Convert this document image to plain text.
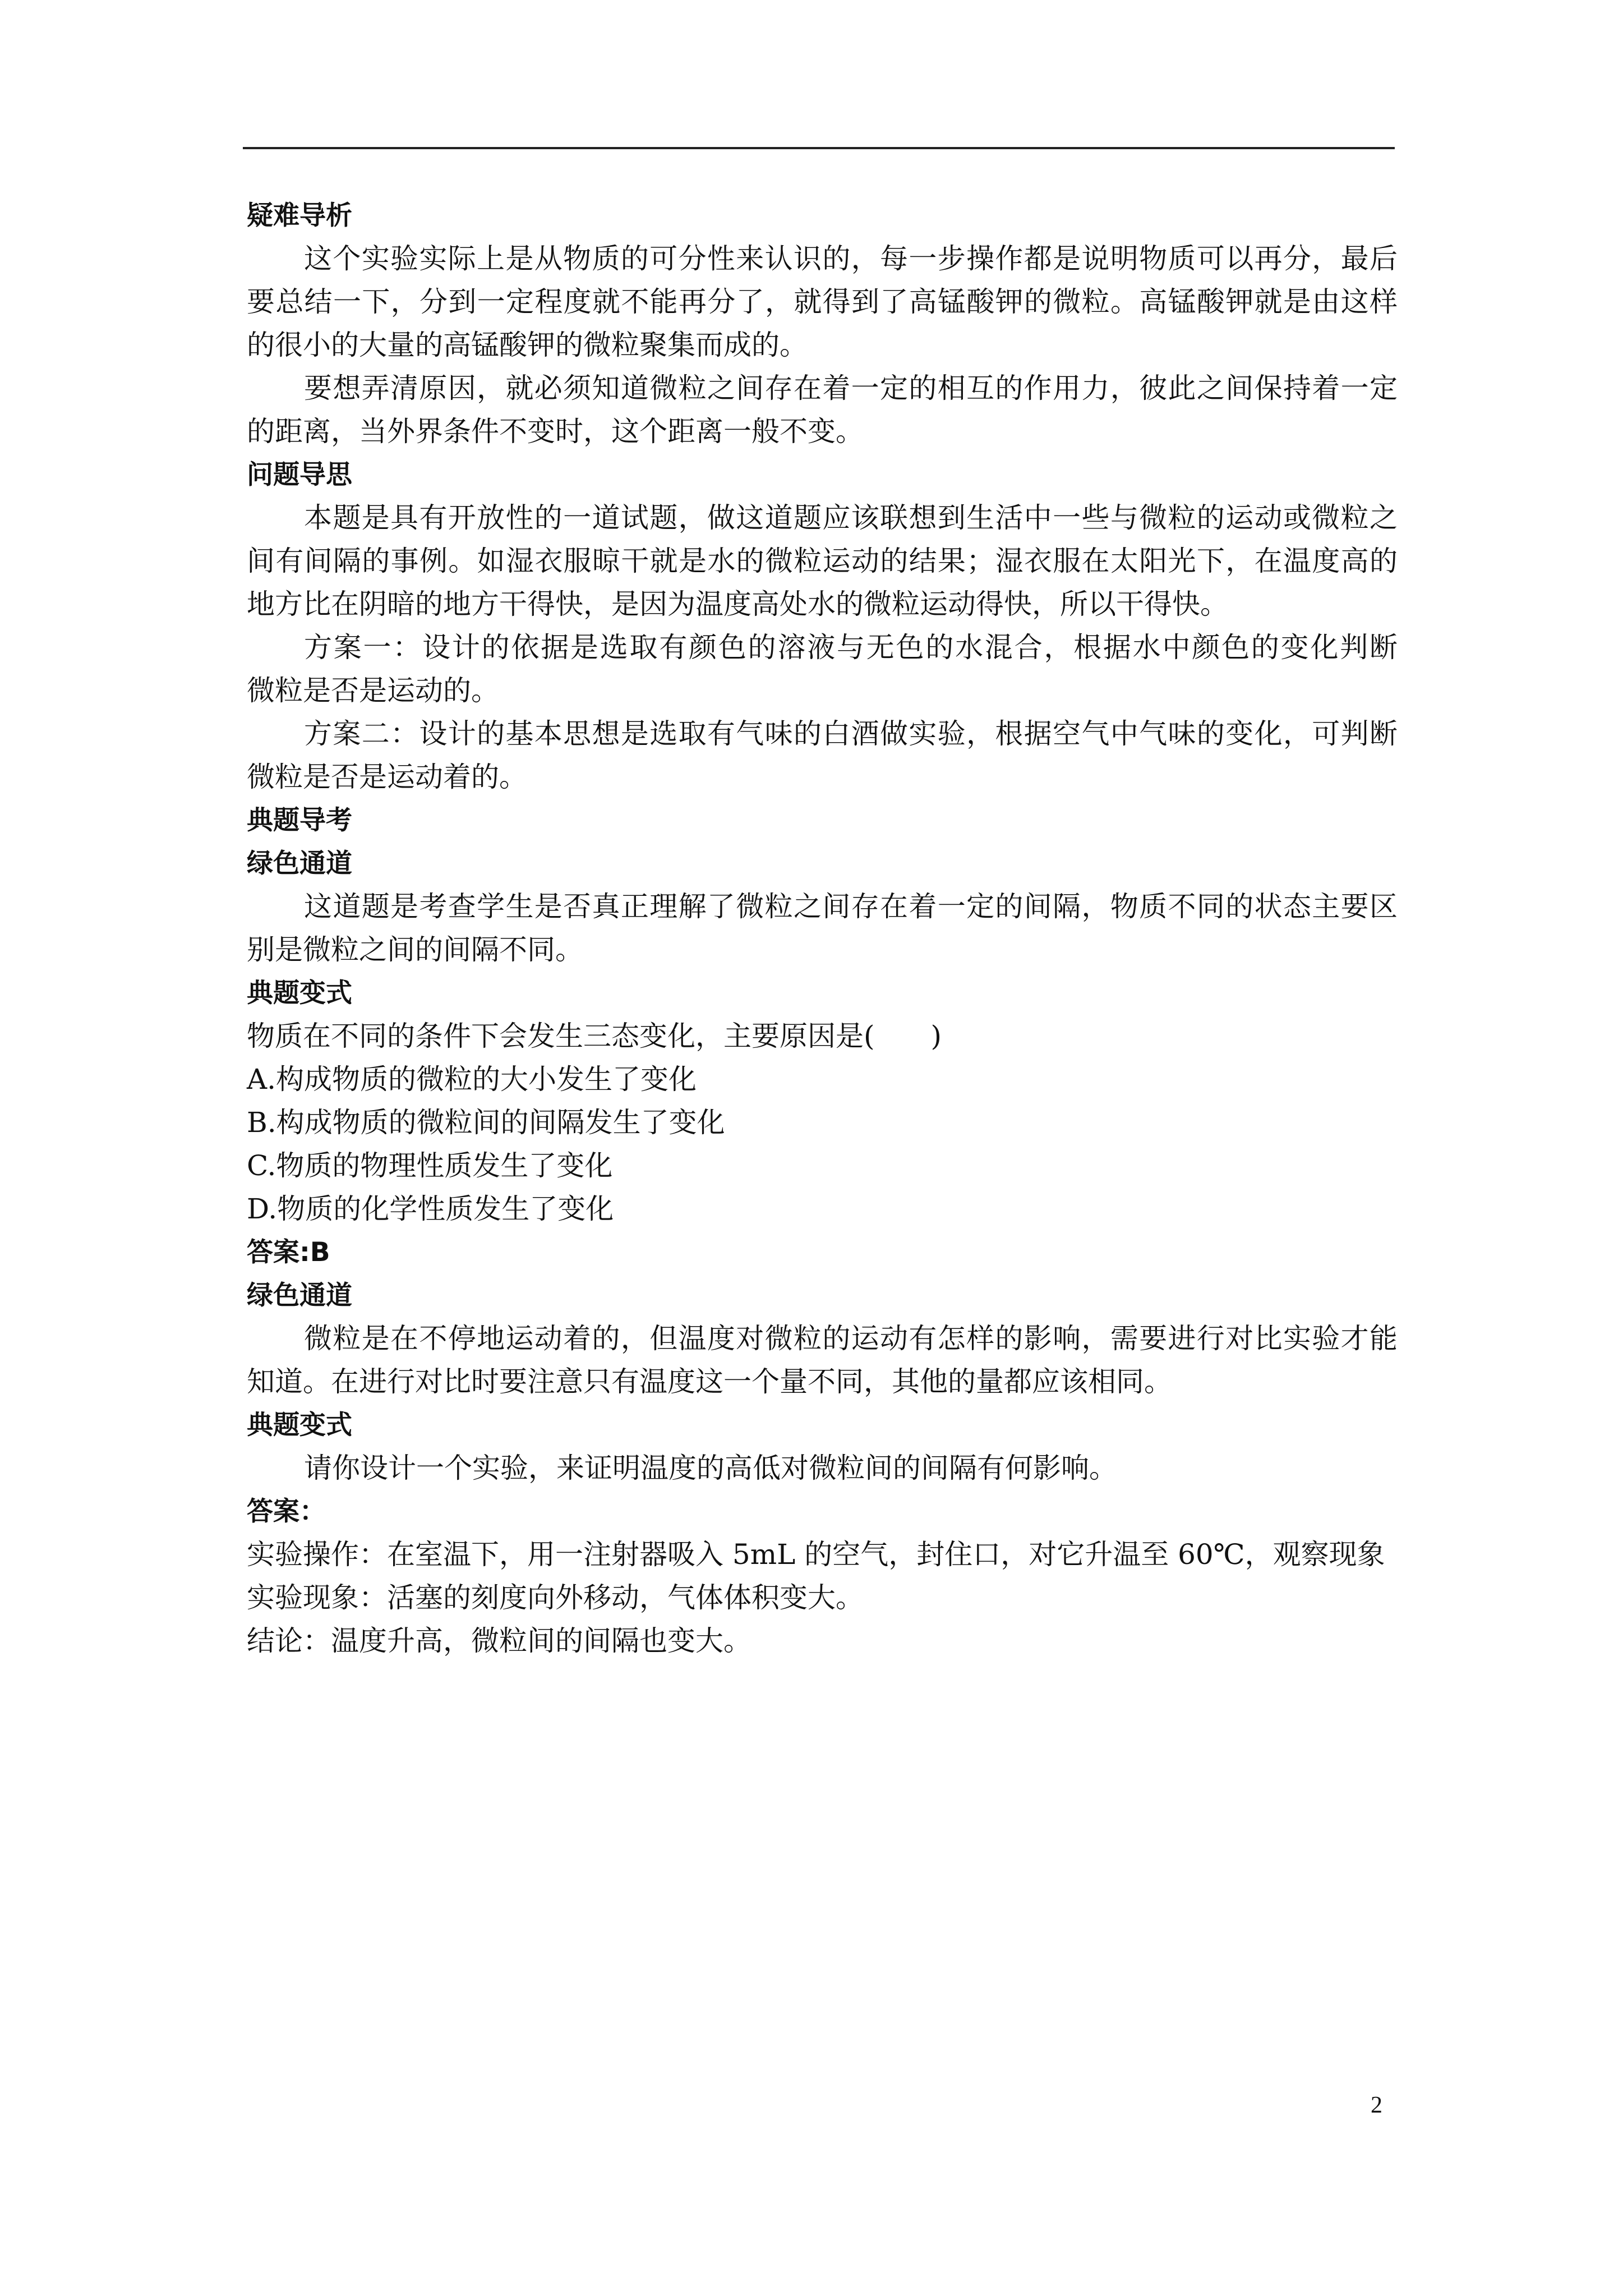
疑难导析
这个实验实际上是从物质的可分性来认识的，每一步操作都是说明物质可以再分，最后
要总结一下，分到一定程度就不能再分了，就得到了高锰酸钾的微粒。高锰酸钾就是由这样
的很小的大量的高锰酸钾的微粒聚集而成的。
要想弄清原因，就必须知道微粒之间存在着一定的相互的作用力，彼此之间保持着一定
的距离，当外界条件不变时，这个距离一般不变。
问题导思
本题是具有开放性的一道试题，做这道题应该联想到生活中一些与微粒的运动或微粒之
间有间隔的事例。如湿衣服晾干就是水的微粒运动的结果；湿衣服在太阳光下，在温度高的
地方比在阴暗的地方干得快，是因为温度高处水的微粒运动得快，所以干得快。
方案一：设计的依据是选取有颜色的溶液与无色的水混合，根据水中颜色的变化判断
微粒是否是运动的。
方案二：设计的基本思想是选取有气味的白酒做实验，根据空气中气味的变化，可判断
微粒是否是运动着的。
典题导考
绿色通道
这道题是考查学生是否真正理解了微粒之间存在着一定的间隔，物质不同的状态主要区
别是微粒之间的间隔不同。
典题变式
物质在不同的条件下会发生三态变化，主要原因是(　　)
A.构成物质的微粒的大小发生了变化
B.构成物质的微粒间的间隔发生了变化
C.物质的物理性质发生了变化
D.物质的化学性质发生了变化
答案:B
绿色通道
微粒是在不停地运动着的，但温度对微粒的运动有怎样的影响，需要进行对比实验才能
知道。在进行对比时要注意只有温度这一个量不同，其他的量都应该相同。
典题变式
请你设计一个实验，来证明温度的高低对微粒间的间隔有何影响。
答案：
实验操作：在室温下，用一注射器吸入 5mL 的空气，封住口，对它升温至 60℃，观察现象
实验现象：活塞的刻度向外移动，气体体积变大。
结论：温度升高，微粒间的间隔也变大。
2
